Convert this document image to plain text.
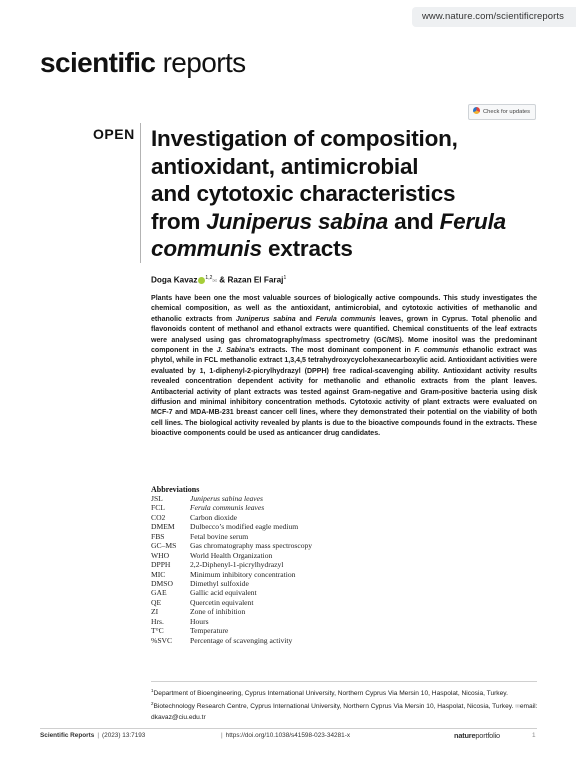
www.nature.com/scientificreports
scientific reports
Check for updates
OPEN Investigation of composition,
antioxidant, antimicrobial
and cytotoxic characteristics
from Juniperus sabina and Ferula
communis extracts
Doga Kavaz $^{1,2}$✉ & Razan El Faraj$^1$
Plants have been one the most valuable sources of biologically active compounds. This study investigates the chemical composition, as well as the antioxidant, antimicrobial, and cytotoxic activities of methanolic and ethanolic extracts from Juniperus sabina and Ferula communis leaves, grown in Cyprus. Total phenolic and flavonoids content of methanol and ethanol extracts were quantified. Chemical constituents of the leaf extracts were analysed using gas chromatography/mass spectrometry (GC/MS). Mome inositol was the predominant component in the J. Sabina’s extracts. The most dominant component in F. communis ethanolic extract was phytol, while in FCL methanolic extract 1,3,4,5 tetrahydroxycyclohexanecarboxylic acid. Antioxidant activities were evaluated by 1, 1-diphenyl-2-picrylhydrazyl (DPPH) free radical-scavenging ability. Antioxidant activity results revealed concentration dependent activity for methanolic and ethanolic extracts from the plant leaves. Antibacterial activity of plant extracts was tested against Gram-negative and Gram-positive bacteria using disk diffusion and minimal inhibitory concentration methods. Cytotoxic activity of plant extracts were evaluated on MCF-7 and MDA-MB-231 breast cancer cell lines, where they demonstrated their potential on the viability of both cell lines. The biological activity revealed by plants is due to the bioactive compounds found in the extracts. These bioactive components could be used as anticancer drug candidates.
Abbreviations
JSL	Juniperus sabina leaves
FCL	Ferula communis leaves
CO2	Carbon dioxide
DMEM Dulbecco’s modified eagle medium
FBS	Fetal bovine serum
GC–MS Gas chromatography mass spectroscopy
WHO	World Health Organization
DPPH	2,2-Diphenyl-1-picrylhydrazyl
MIC	Minimum inhibitory concentration
DMSO Dimethyl sulfoxide
GAE	Gallic acid equivalent
QE	Quercetin equivalent
ZI	Zone of inhibition
Hrs.	Hours
T°C	Temperature
%SVC Percentage of scavenging activity
$^1$Department of Bioengineering, Cyprus International University, Northern Cyprus Via Mersin 10, Haspolat, Nicosia, Turkey. $^2$Biotechnology Research Centre, Cyprus International University, Northern Cyprus Via Mersin 10, Haspolat, Nicosia, Turkey. ✉email: dkavaz@ciu.edu.tr
Scientific Reports | (2023) 13:7193	| https://doi.org/10.1038/s41598-023-34281-x	natureportfolio	1
